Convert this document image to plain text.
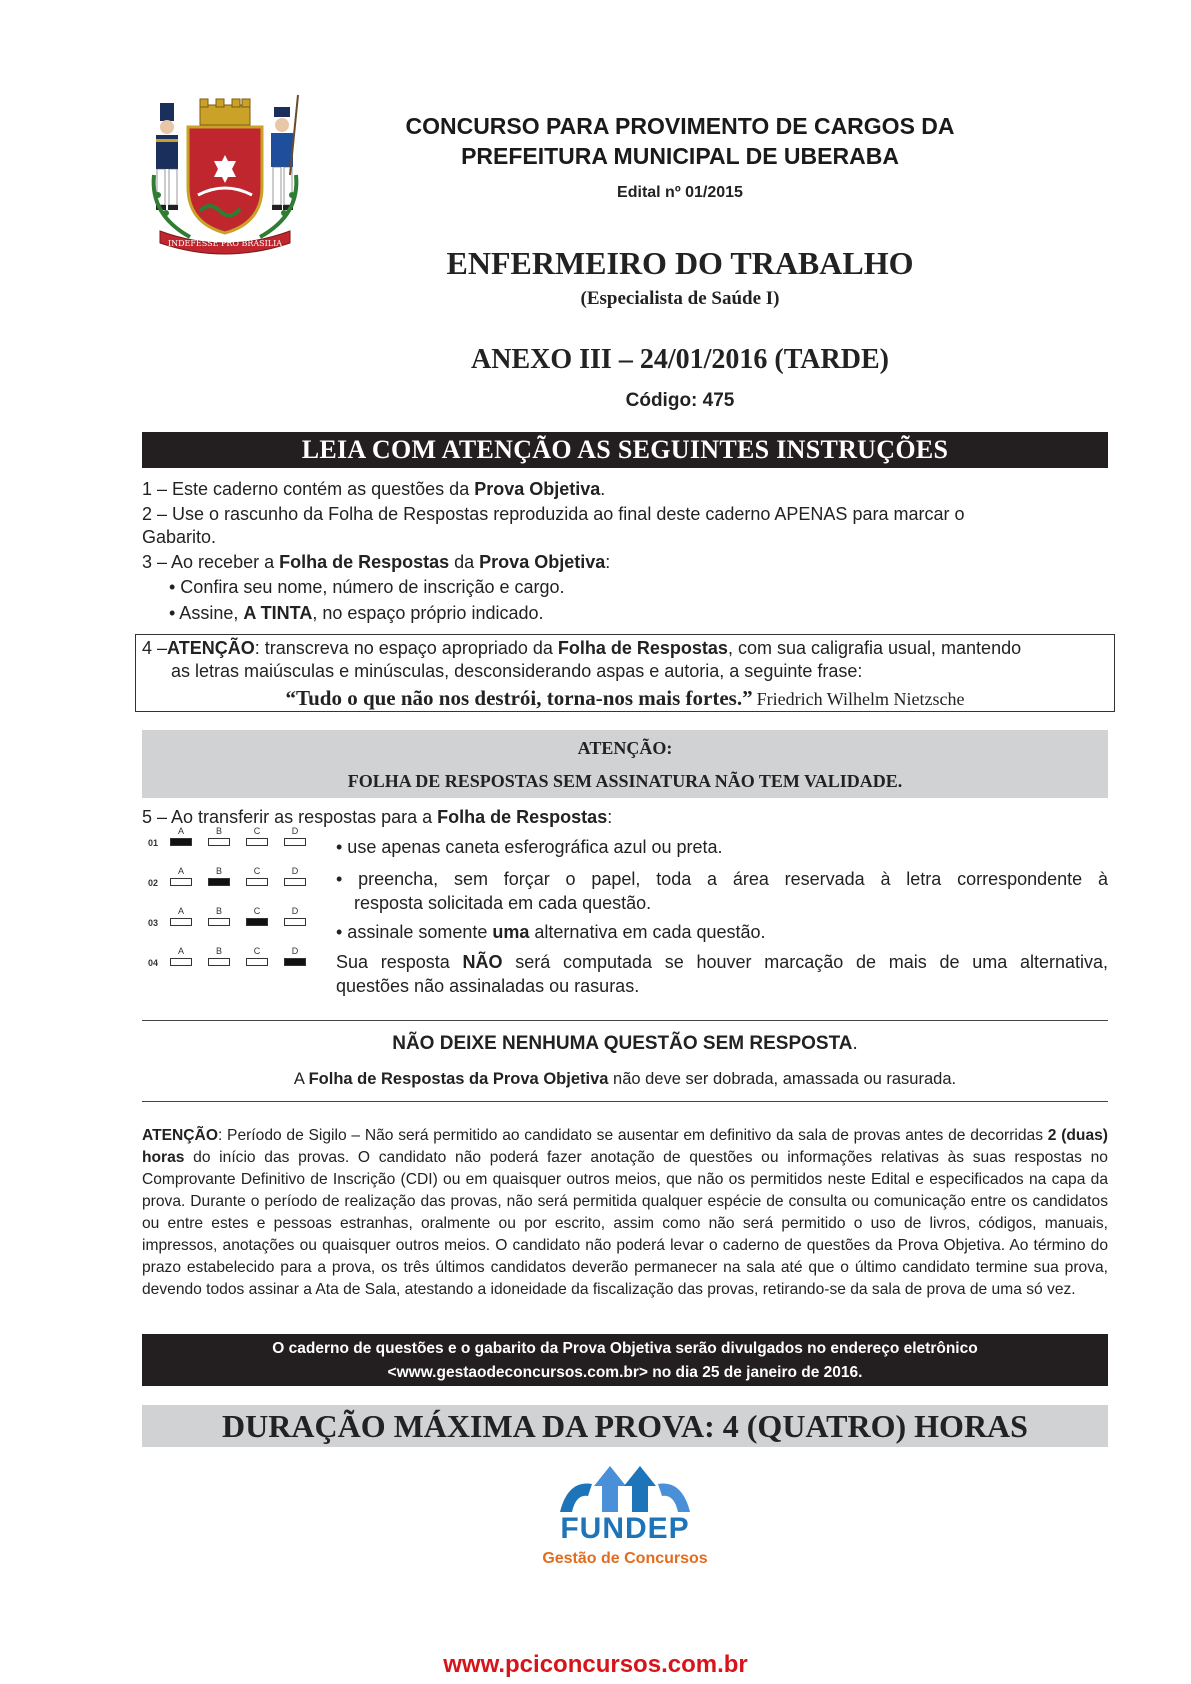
INDEFESSE PRO BRASILIA
CONCURSO PARA PROVIMENTO DE CARGOS DA
PREFEITURA MUNICIPAL DE UBERABA
Edital nº 01/2015
ENFERMEIRO DO TRABALHO
(Especialista de Saúde I)
ANEXO III – 24/01/2016 (TARDE)
Código: 475
LEIA COM ATENÇÃO AS SEGUINTES INSTRUÇÕES
1 – Este caderno contém as questões da Prova Objetiva.
2 – Use o rascunho da Folha de Respostas reproduzida ao final deste caderno APENAS para marcar o
Gabarito.
3 – Ao receber a Folha de Respostas da Prova Objetiva:
• Confira seu nome, número de inscrição e cargo.
• Assine, A TINTA, no espaço próprio indicado.
4 –ATENÇÃO: transcreva no espaço apropriado da Folha de Respostas, com sua caligrafia usual, mantendo
as letras maiúsculas e minúsculas, desconsiderando aspas e autoria, a seguinte frase:
“Tudo o que não nos destrói, torna-nos mais fortes.” Friedrich Wilhelm Nietzsche
ATENÇÃO:
FOLHA DE RESPOSTAS SEM ASSINATURA NÃO TEM VALIDADE.
5 – Ao transferir as respostas para a Folha de Respostas:
01
A	B	C	D
02
A	B	C	D
03
A	B	C	D
04
A	B	C	D
• use apenas caneta esferográfica azul ou preta.
• preencha, sem forçar o papel, toda a área reservada à letra correspondente à
resposta solicitada em cada questão.
• assinale somente uma alternativa em cada questão.
Sua resposta NÃO será computada se houver marcação de mais de uma alternativa,
questões não assinaladas ou rasuras.
NÃO DEIXE NENHUMA QUESTÃO SEM RESPOSTA.
A Folha de Respostas da Prova Objetiva não deve ser dobrada, amassada ou rasurada.
ATENÇÃO: Período de Sigilo – Não será permitido ao candidato se ausentar em definitivo da sala de provas antes de decorridas 2 (duas) horas do início das provas. O candidato não poderá fazer anotação de questões ou informações relativas às suas respostas no Comprovante Definitivo de Inscrição (CDI) ou em quaisquer outros meios, que não os permitidos neste Edital e especificados na capa da prova. Durante o período de realização das provas, não será permitida qualquer espécie de consulta ou comunicação entre os candidatos ou entre estes e pessoas estranhas, oralmente ou por escrito, assim como não será permitido o uso de livros, códigos, manuais, impressos, anotações ou quaisquer outros meios. O candidato não poderá levar o caderno de questões da Prova Objetiva. Ao término do prazo estabelecido para a prova, os três últimos candidatos deverão permanecer na sala até que o último candidato termine sua prova, devendo todos assinar a Ata de Sala, atestando a idoneidade da fiscalização das provas, retirando-se da sala de prova de uma só vez.
O caderno de questões e o gabarito da Prova Objetiva serão divulgados no endereço eletrônico
<www.gestaodeconcursos.com.br> no dia 25 de janeiro de 2016.
DURAÇÃO MÁXIMA DA PROVA: 4 (QUATRO) HORAS
FUNDEP
Gestão de Concursos
www.pciconcursos.com.br
